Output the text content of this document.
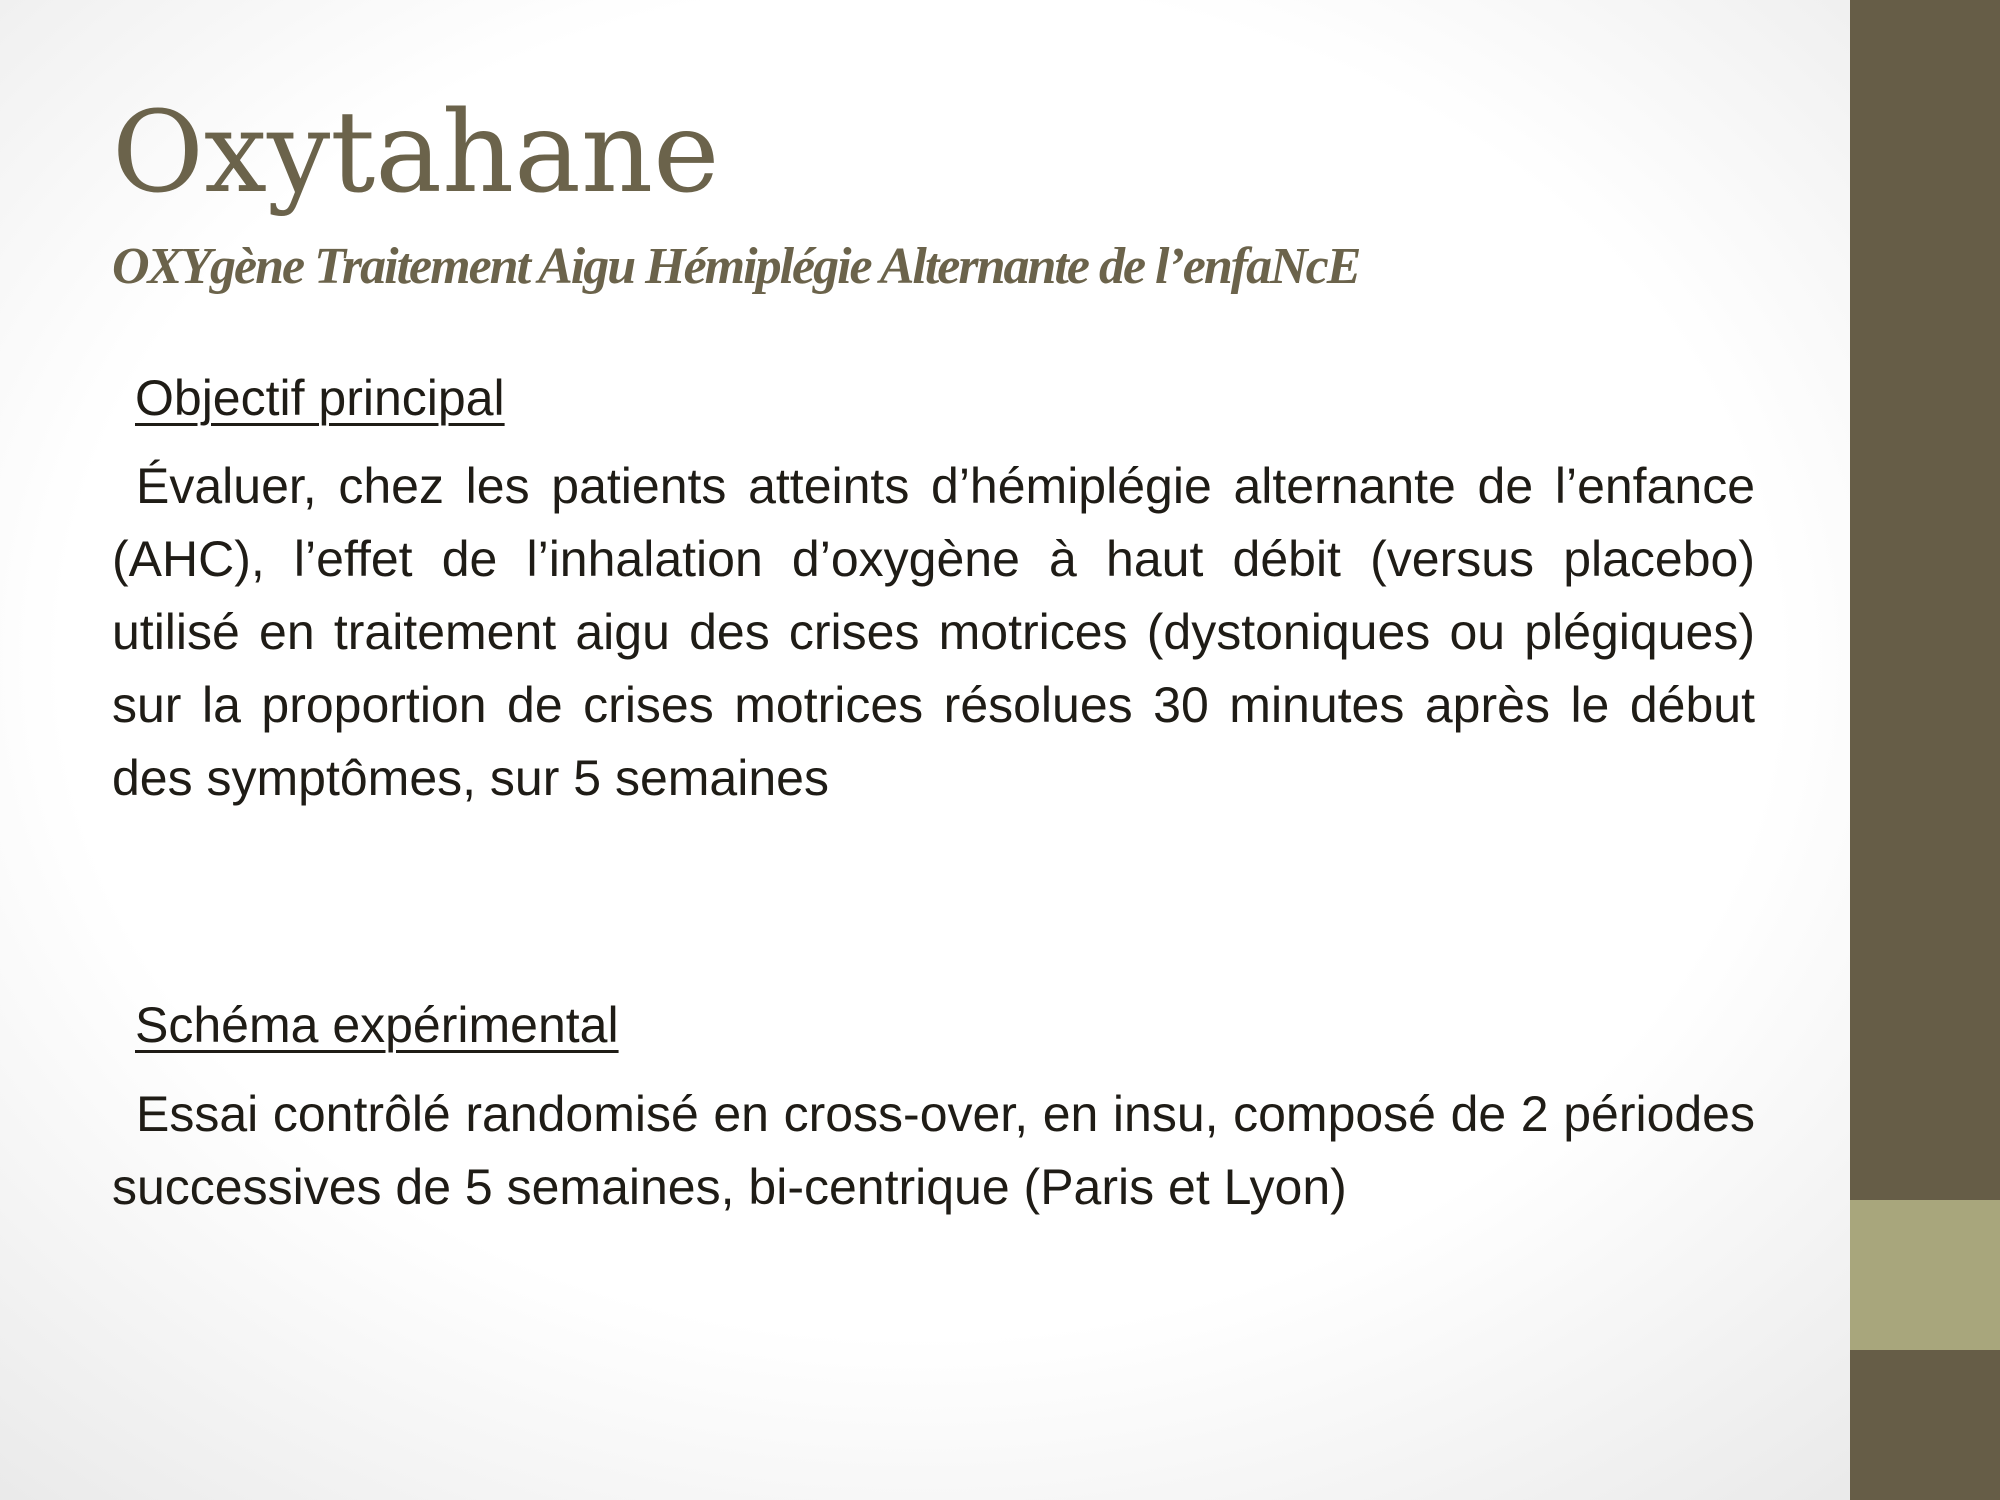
Oxytahane
OXYgène Traitement Aigu Hémiplégie Alternante de l’enfaNcE
Objectif principal

Évaluer, chez les patients atteints d’hémiplégie alternante de l’enfance (AHC), l’effet de l’inhalation d’oxygène à haut débit (versus placebo) utilisé en traitement aigu des crises motrices (dystoniques ou plégiques) sur la proportion de crises motrices résolues 30 minutes après le début des symptômes, sur 5 semaines

Schéma expérimental

Essai contrôlé randomisé en cross-over, en insu, composé de 2 périodes successives de 5 semaines, bi-centrique (Paris et Lyon)
